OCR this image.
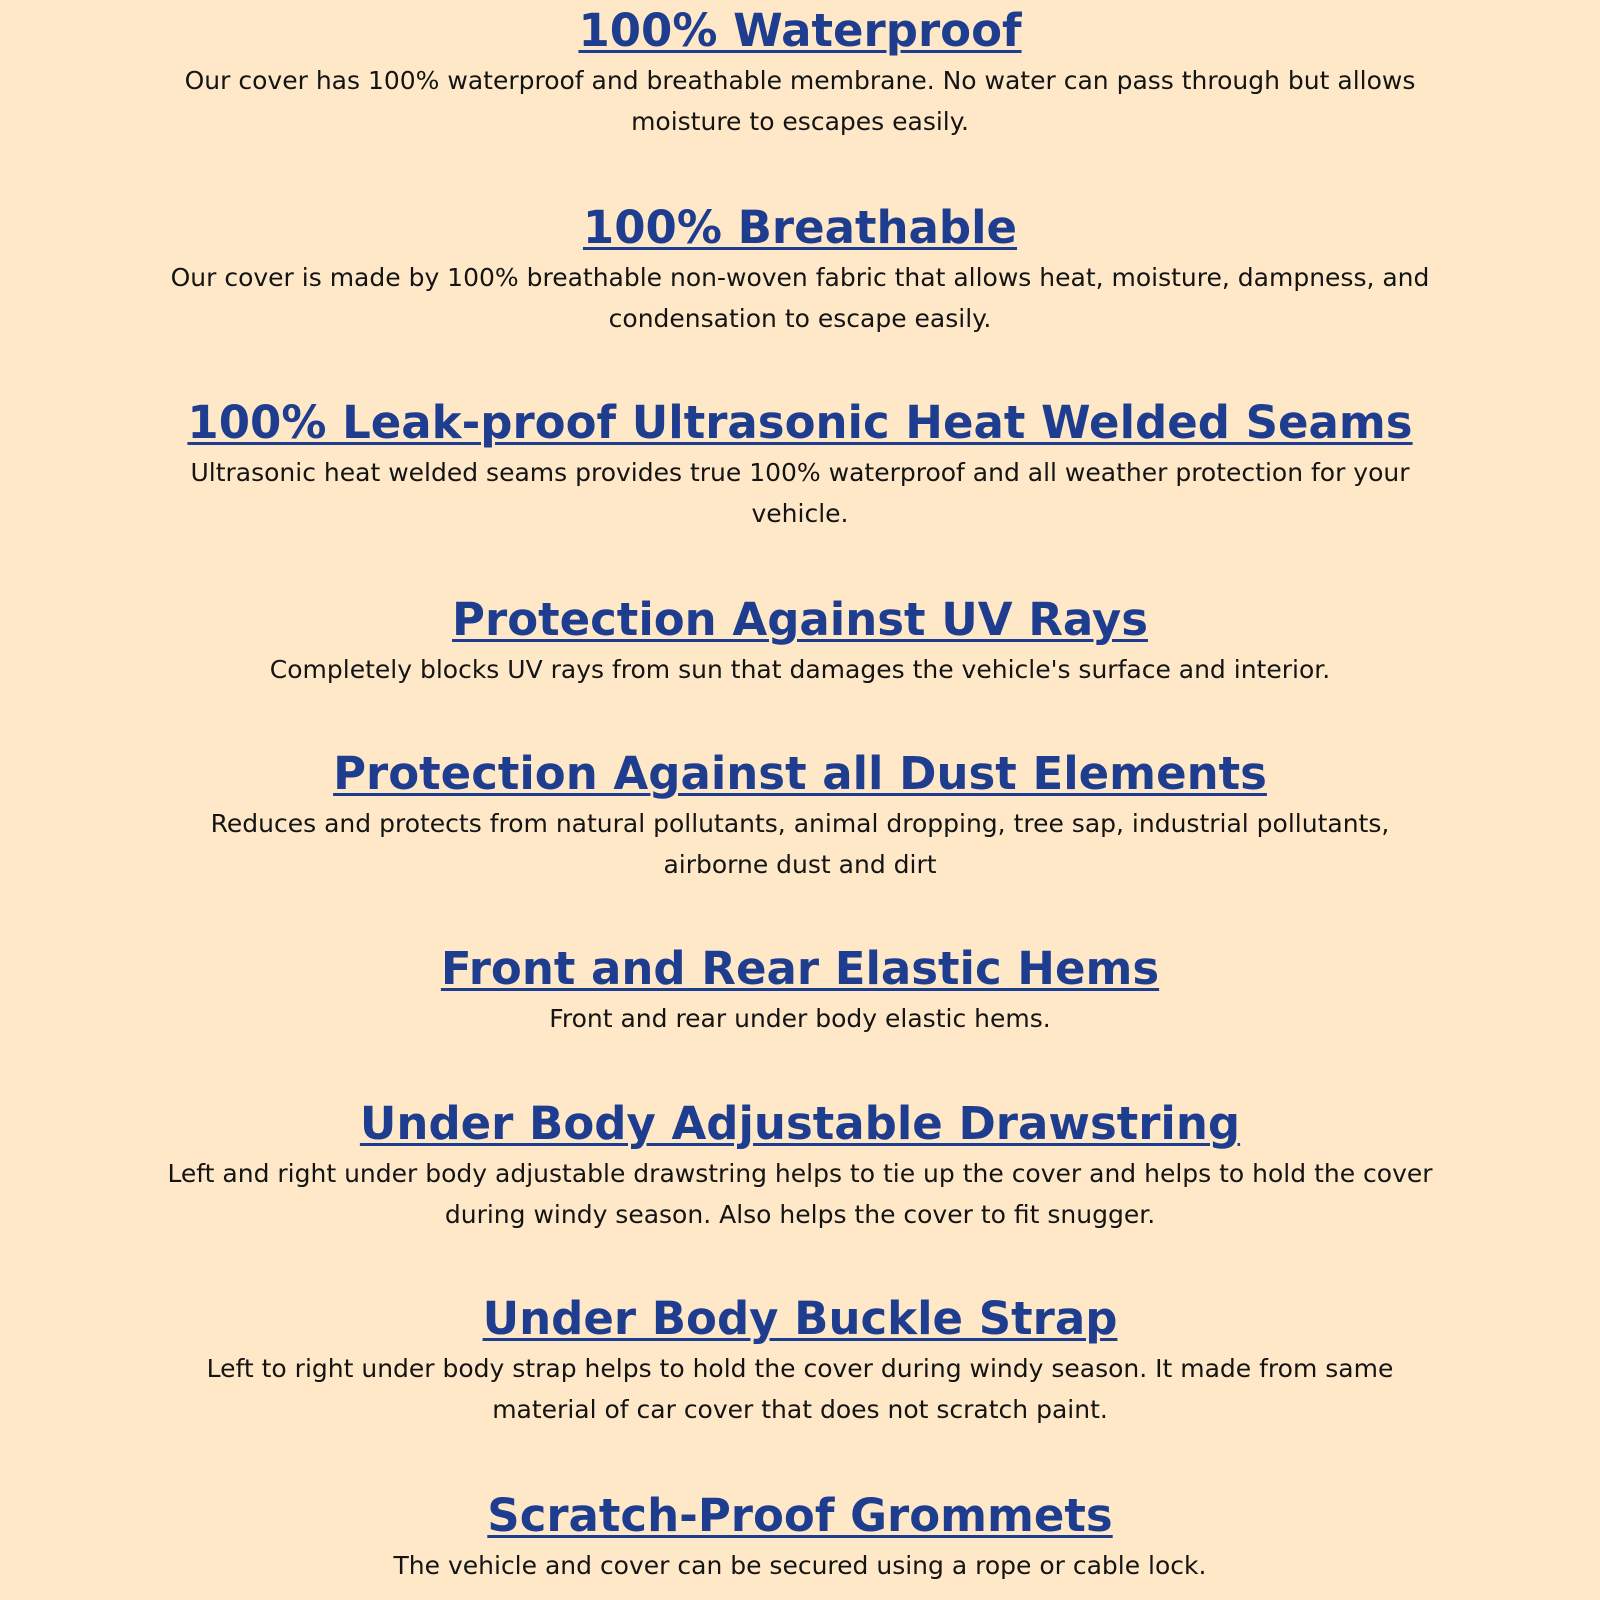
100% Waterproof

Our cover has 100% waterproof and breathable membrane. No water can pass through but allows moisture to escapes easily.

100% Breathable

Our cover is made by 100% breathable non-woven fabric that allows heat, moisture, dampness, and condensation to escape easily.

100% Leak-proof Ultrasonic Heat Welded Seams

Ultrasonic heat welded seams provides true 100% waterproof and all weather protection for your vehicle.

Protection Against UV Rays

Completely blocks UV rays from sun that damages the vehicle's surface and interior.

Protection Against all Dust Elements

Reduces and protects from natural pollutants, animal dropping, tree sap, industrial pollutants, airborne dust and dirt

Front and Rear Elastic Hems

Front and rear under body elastic hems.

Under Body Adjustable Drawstring

Left and right under body adjustable drawstring helps to tie up the cover and helps to hold the cover during windy season. Also helps the cover to fit snugger.

Under Body Buckle Strap

Left to right under body strap helps to hold the cover during windy season. It made from same material of car cover that does not scratch paint.

Scratch-Proof Grommets

The vehicle and cover can be secured using a rope or cable lock.
